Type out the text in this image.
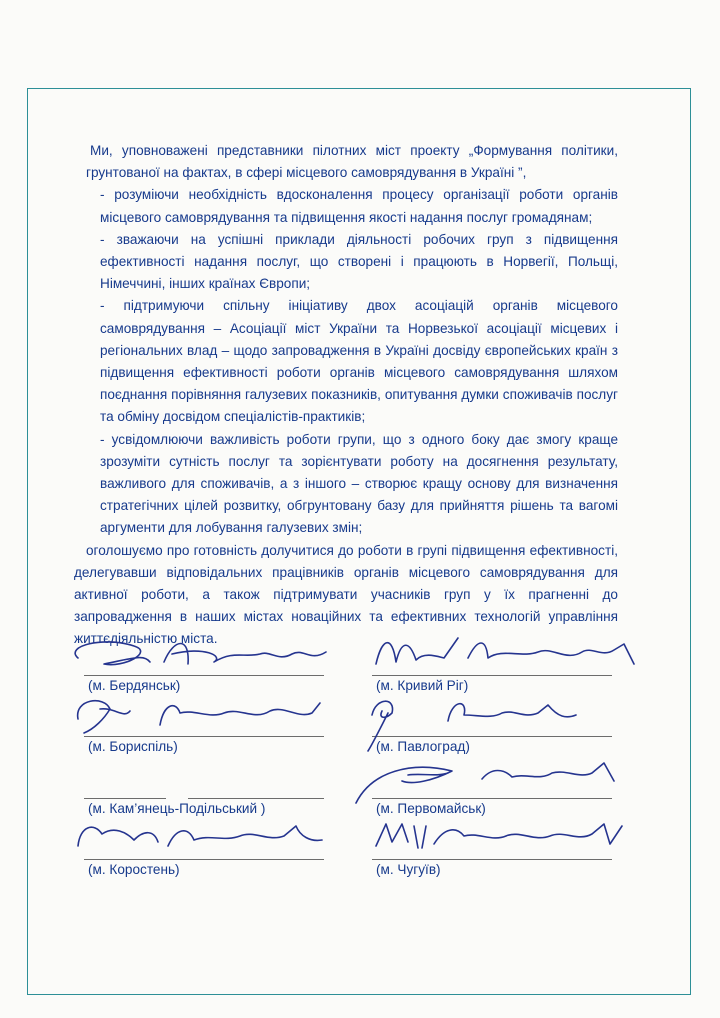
Ми, уповноважені представники пілотних міст проекту „Формування політики, грунтованої на фактах, в сфері місцевого самоврядування в Україні ”,

- розуміючи необхідність вдосконалення процесу організації роботи органів місцевого самоврядування та підвищення якості надання послуг громадянам;

- зважаючи на успішні приклади діяльності робочих груп з підвищення ефективності надання послуг, що створені і працюють в Норвегії, Польщі, Німеччині, інших країнах Європи;

- підтримуючи спільну ініціативу двох асоціацій органів місцевого самоврядування – Асоціації міст України та Норвезької асоціації місцевих і регіональних влад – щодо запровадження в Україні досвіду європейських країн з підвищення ефективності роботи органів місцевого самоврядування шляхом поєднання порівняння галузевих показників, опитування думки споживачів послуг та обміну досвідом спеціалістів-практиків;

- усвідомлюючи важливість роботи групи, що з одного боку дає змогу краще зрозуміти сутність послуг та зорієнтувати роботу на досягнення результату, важливого для споживачів, а з іншого – створює кращу основу для визначення стратегічних цілей розвитку, обгрунтовану базу для прийняття рішень та вагомі аргументи для лобування галузевих змін;

оголошуємо про готовність долучитися до роботи в групі підвищення ефективності, делегувавши відповідальних працівників органів місцевого самоврядування для активної роботи, а також підтримувати учасників груп у їх прагненні до запровадження в наших містах новаційних та ефективних технологій управління життєдіяльністю міста.

(м. Бердянськ)	(м. Кривий Ріг)
(м. Бориспіль)	(м. Павлоград)
(м. Кам’янець-Подільський )	(м. Первомайськ)
(м. Коростень)	(м. Чугуїв)
